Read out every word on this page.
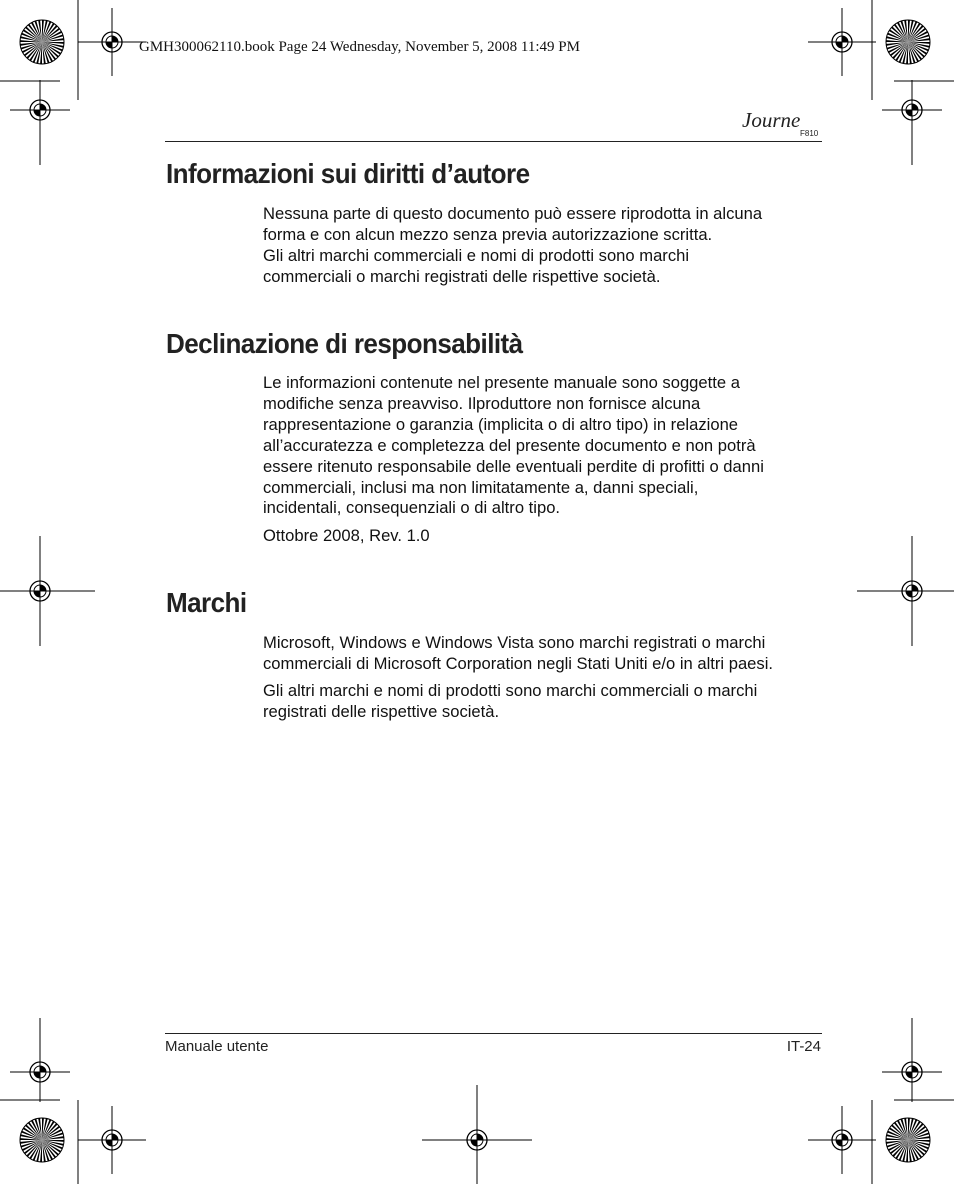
GMH300062110.book Page 24 Wednesday, November 5, 2008 11:49 PM
Journe
F810
Informazioni sui diritti d’autore

Nessuna parte di questo documento può essere riprodotta in alcuna

forma e con alcun mezzo senza previa autorizzazione scritta.

Gli altri marchi commerciali e nomi di prodotti sono marchi

commerciali o marchi registrati delle rispettive società.

Declinazione di responsabilità

Le informazioni contenute nel presente manuale sono soggette a

modifiche senza preavviso. Ilproduttore non fornisce alcuna

rappresentazione o garanzia (implicita o di altro tipo) in relazione

all’accuratezza e completezza del presente documento e non potrà

essere ritenuto responsabile delle eventuali perdite di profitti o danni

commerciali, inclusi ma non limitatamente a, danni speciali,

incidentali, consequenziali o di altro tipo.

Ottobre 2008, Rev. 1.0
Marchi

Microsoft, Windows e Windows Vista sono marchi registrati o marchi

commerciali di Microsoft Corporation negli Stati Uniti e/o in altri paesi.

Gli altri marchi e nomi di prodotti sono marchi commerciali o marchi

registrati delle rispettive società.

Manuale utente	IT-24
